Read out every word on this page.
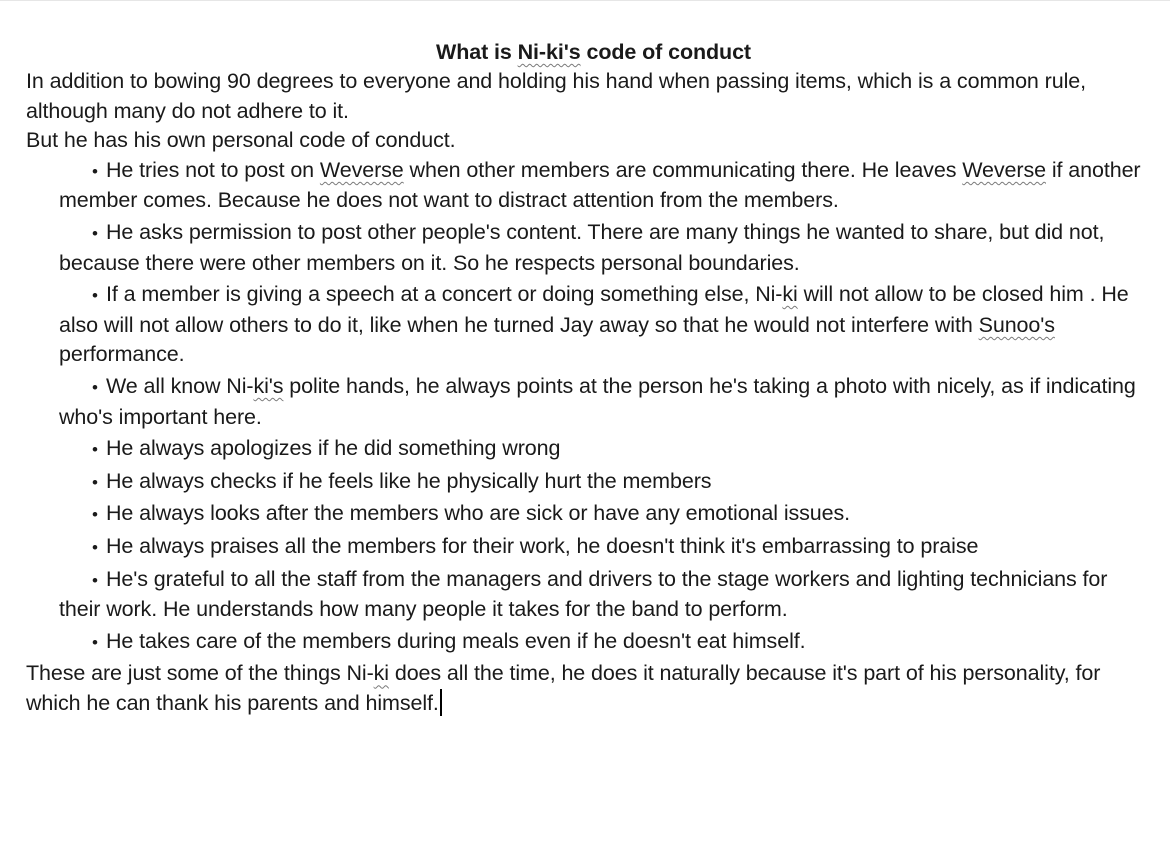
What is Ni-ki's code of conduct

In addition to bowing 90 degrees to everyone and holding his hand when passing items, which is a common rule, although many do not adhere to it.

But he has his own personal code of conduct.

• He tries not to post on Weverse when other members are communicating there. He leaves Weverse if another member comes. Because he does not want to distract attention from the members.
• He asks permission to post other people's content. There are many things he wanted to share, but did not, because there were other members on it. So he respects personal boundaries.
• If a member is giving a speech at a concert or doing something else, Ni-ki will not allow to be closed him . He also will not allow others to do it, like when he turned Jay away so that he would not interfere with Sunoo's performance.
• We all know Ni-ki's polite hands, he always points at the person he's taking a photo with nicely, as if indicating who's important here.
• He always apologizes if he did something wrong
• He always checks if he feels like he physically hurt the members
• He always looks after the members who are sick or have any emotional issues.
• He always praises all the members for their work, he doesn't think it's embarrassing to praise
• He's grateful to all the staff from the managers and drivers to the stage workers and lighting technicians for their work. He understands how many people it takes for the band to perform.
• He takes care of the members during meals even if he doesn't eat himself.

These are just some of the things Ni-ki does all the time, he does it naturally because it's part of his personality, for which he can thank his parents and himself.
